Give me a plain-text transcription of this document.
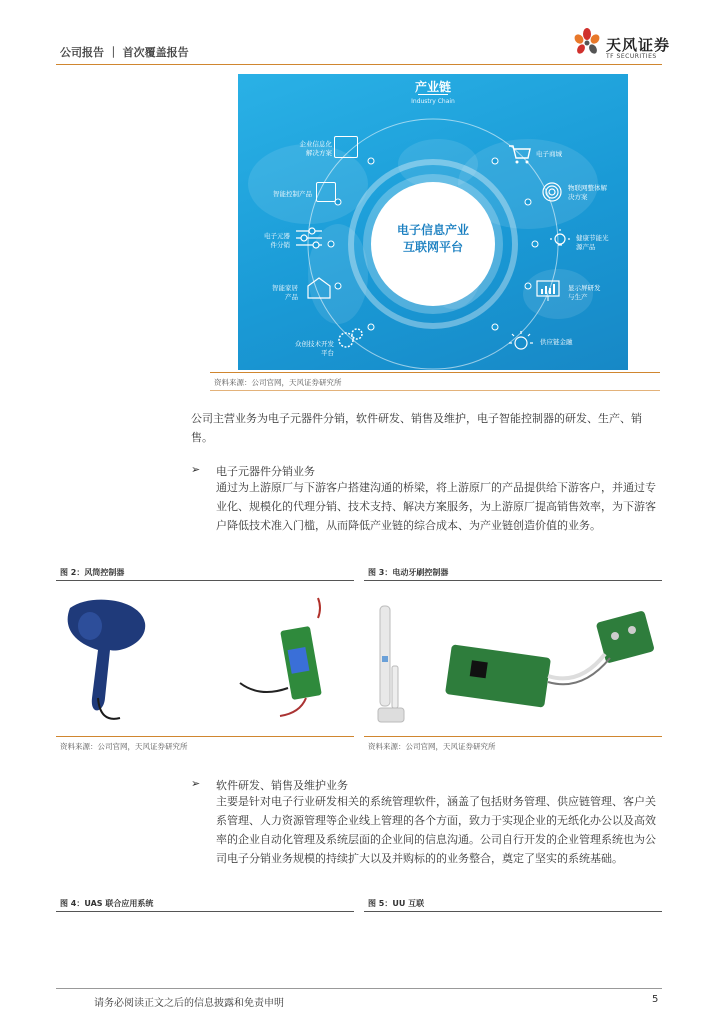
公司报告 ｜ 首次覆盖报告	天风证券
TF SECURITIES
产业链
Industry Chain
电子信息产业
互联网平台
企业信息化
解决方案
智能控制产品
电子元器
件分销
智能家居
产品
众创技术开发
平台
电子商城
物联网整体解
决方案
健康节能光
源产品
显示屏研发
与生产
供应链金融
资料来源：公司官网，天风证券研究所
公司主营业务为电子元器件分销，软件研发、销售及维护，电子智能控制器的研发、生产、销售。
➢ 电子元器件分销业务
通过为上游原厂与下游客户搭建沟通的桥梁，将上游原厂的产品提供给下游客户，并通过专业化、规模化的代理分销、技术支持、解决方案服务，为上游原厂提高销售效率，为下游客户降低技术准入门槛，从而降低产业链的综合成本、为产业链创造价值的业务。
图 2：风筒控制器	图 3：电动牙刷控制器
资料来源：公司官网，天风证券研究所	资料来源：公司官网，天风证券研究所
➢ 软件研发、销售及维护业务
主要是针对电子行业研发相关的系统管理软件，涵盖了包括财务管理、供应链管理、客户关系管理、人力资源管理等企业线上管理的各个方面，致力于实现企业的无纸化办公以及高效率的企业自动化管理及系统层面的企业间的信息沟通。公司自行开发的企业管理系统也为公司电子分销业务规模的持续扩大以及并购标的的业务整合，奠定了坚实的系统基础。
图 4：UAS 联合应用系统	图 5：UU 互联
请务必阅读正文之后的信息披露和免责申明	5
